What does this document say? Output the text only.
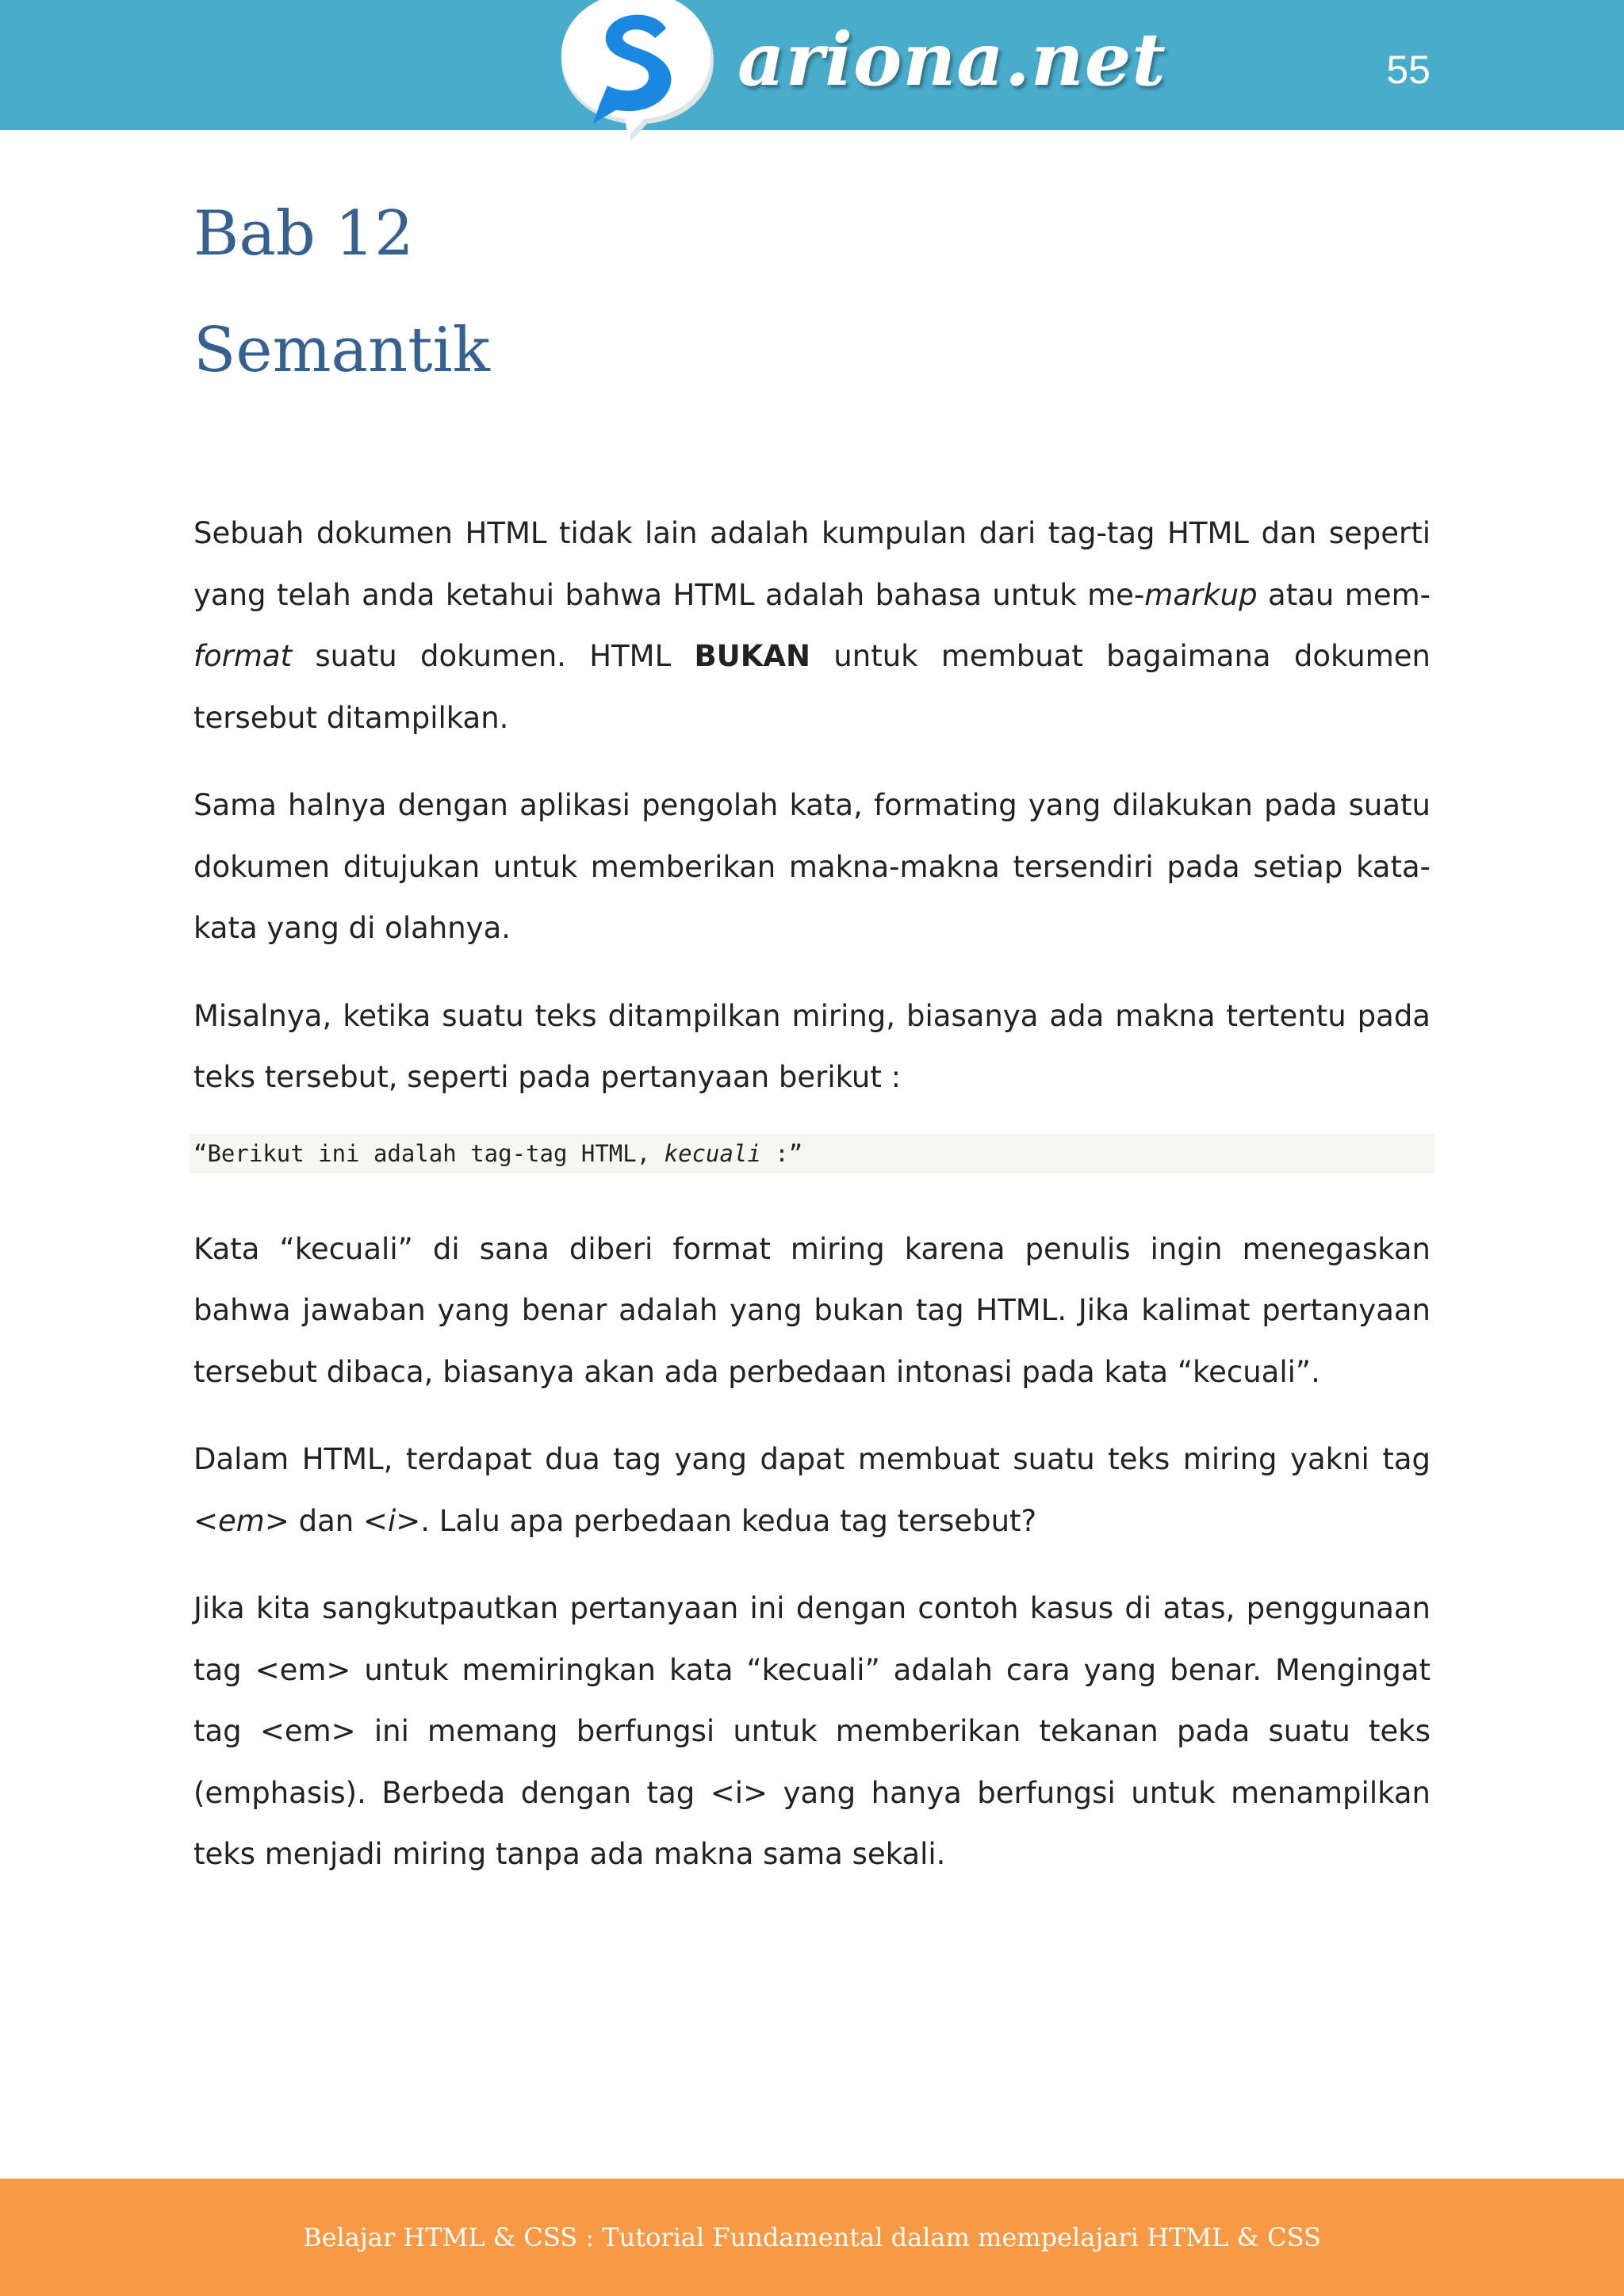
ariona.net	55
Bab 12
Semantik

Sebuah dokumen HTML tidak lain adalah kumpulan dari tag-tag HTML dan seperti yang telah anda ketahui bahwa HTML adalah bahasa untuk me-markup atau mem-format suatu dokumen. HTML BUKAN untuk membuat bagaimana dokumen tersebut ditampilkan.

Sama halnya dengan aplikasi pengolah kata, formating yang dilakukan pada suatu dokumen ditujukan untuk memberikan makna-makna tersendiri pada setiap kata-kata yang di olahnya.

Misalnya, ketika suatu teks ditampilkan miring, biasanya ada makna tertentu pada teks tersebut, seperti pada pertanyaan berikut :

“Berikut ini adalah tag-tag HTML, kecuali :”

Kata “kecuali” di sana diberi format miring karena penulis ingin menegaskan bahwa jawaban yang benar adalah yang bukan tag HTML. Jika kalimat pertanyaan tersebut dibaca, biasanya akan ada perbedaan intonasi pada kata “kecuali”.

Dalam HTML, terdapat dua tag yang dapat membuat suatu teks miring yakni tag <em> dan <i>. Lalu apa perbedaan kedua tag tersebut?

Jika kita sangkutpautkan pertanyaan ini dengan contoh kasus di atas, penggunaan tag <em> untuk memiringkan kata “kecuali” adalah cara yang benar. Mengingat tag <em> ini memang berfungsi untuk memberikan tekanan pada suatu teks (emphasis). Berbeda dengan tag <i> yang hanya berfungsi untuk menampilkan teks menjadi miring tanpa ada makna sama sekali.

Belajar HTML & CSS : Tutorial Fundamental dalam mempelajari HTML & CSS
